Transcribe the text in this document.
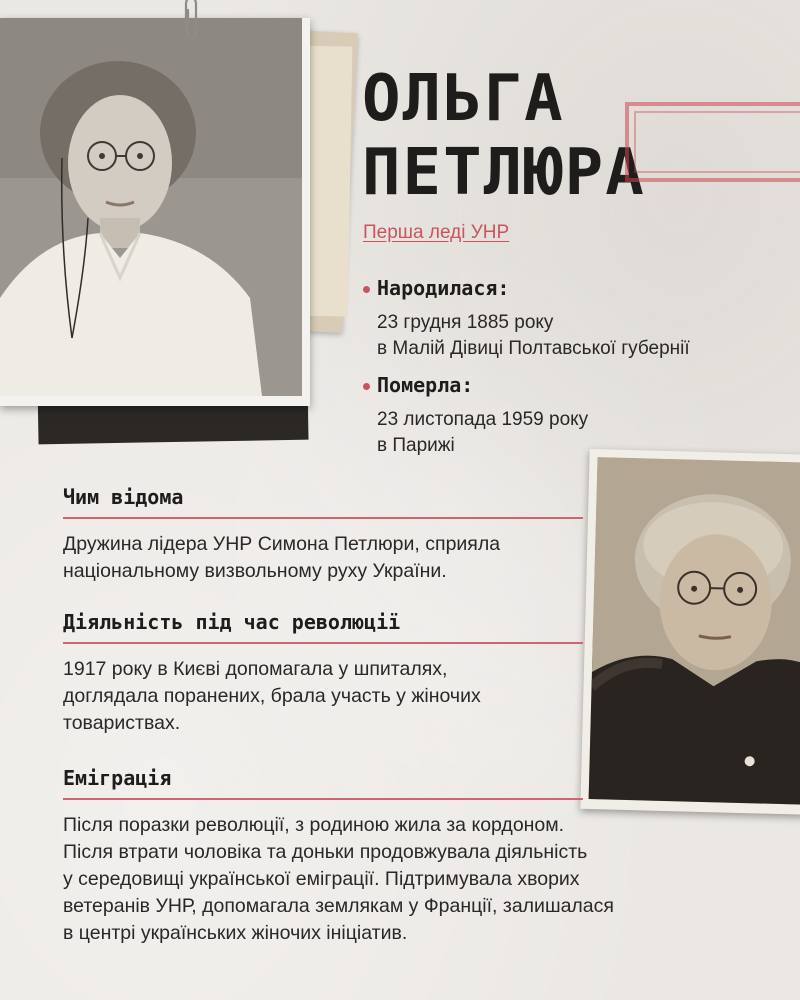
ОЛЬГА
ПЕТЛЮРА
Перша леді УНР
Народилася:
23 грудня 1885 року
в Малій Дівиці Полтавської губернії
Померла:
23 листопада 1959 року
в Парижі
Чим відома
Дружина лідера УНР Симона Петлюри, сприяла
національному визвольному руху України.
Діяльність під час революції
1917 року в Києві допомагала у шпиталях,
доглядала поранених, брала участь у жіночих
товариствах.
Еміграція
Після поразки революції, з родиною жила за кордоном.
Після втрати чоловіка та доньки продовжувала діяльність
у середовищі української еміграції. Підтримувала хворих
ветеранів УНР, допомагала землякам у Франції, залишалася
в центрі українських жіночих ініціатив.
